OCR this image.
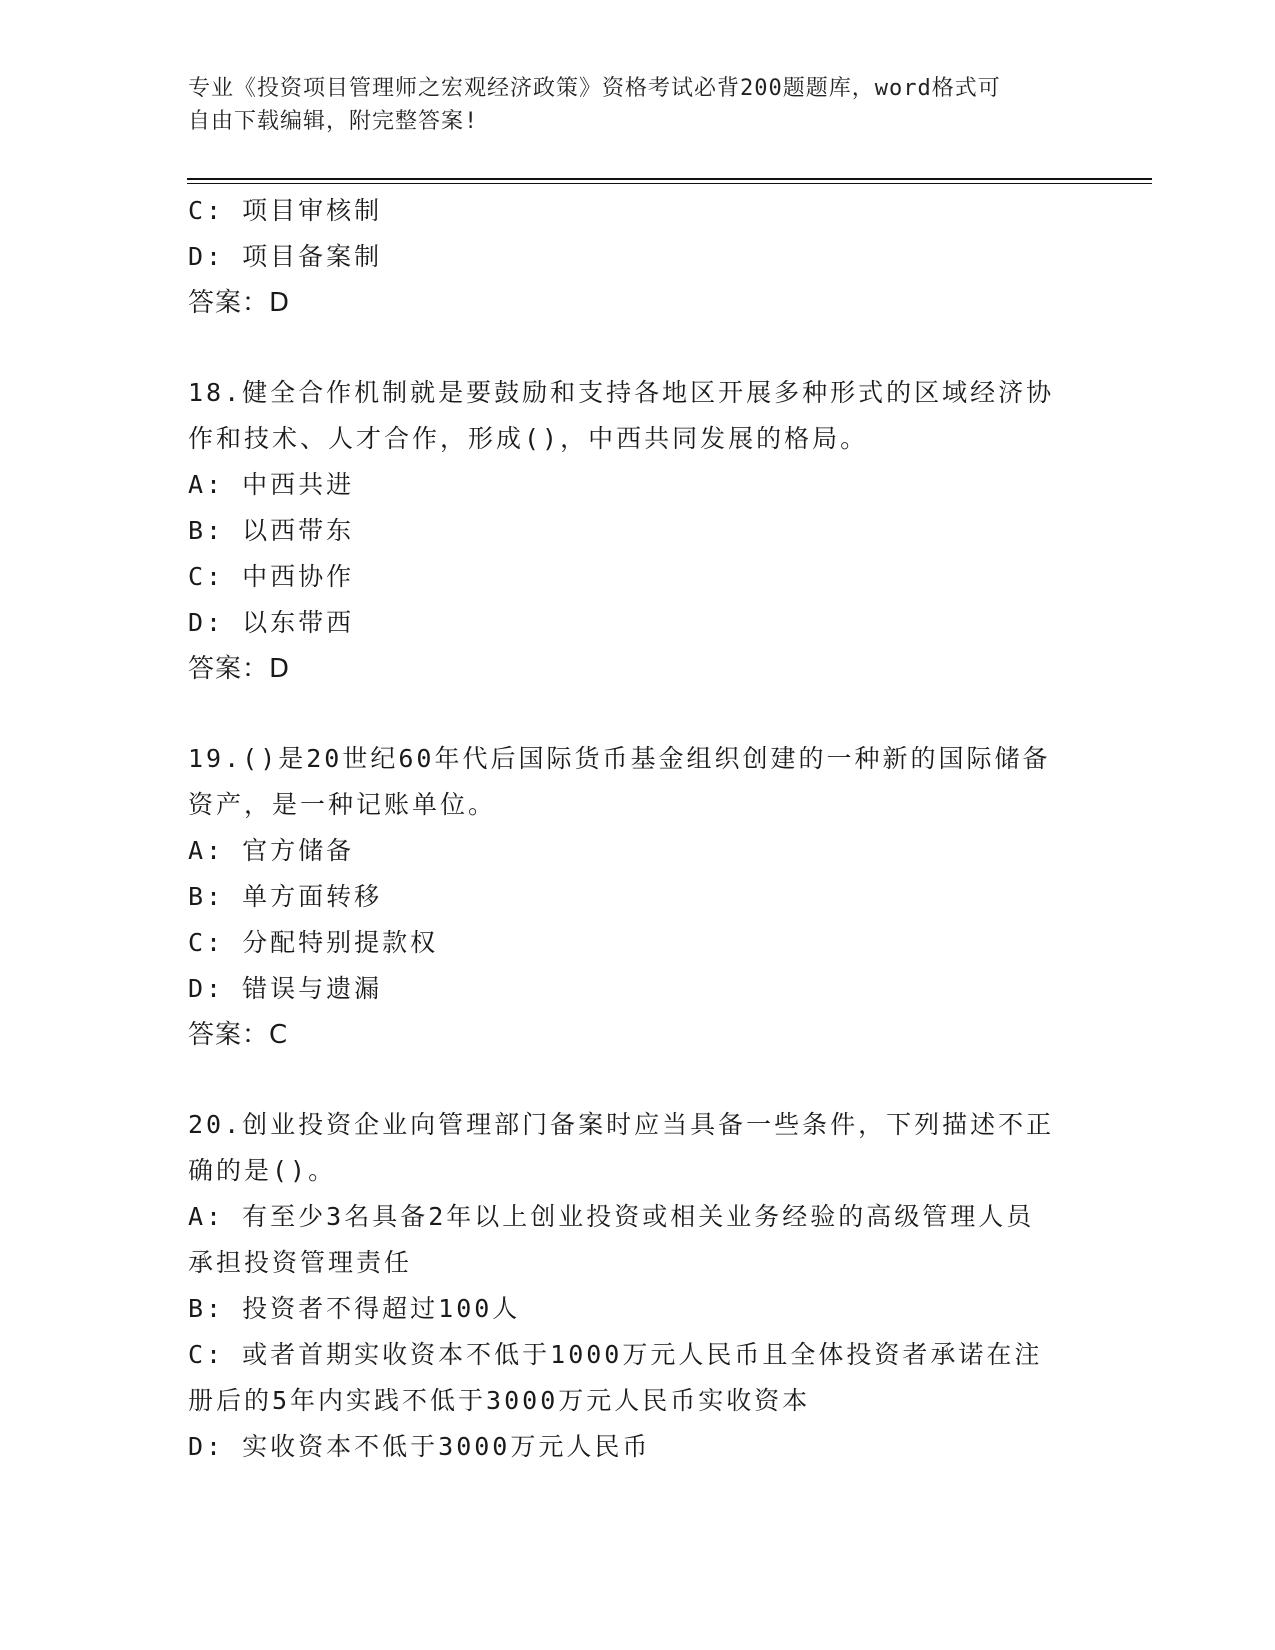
专业《投资项目管理师之宏观经济政策》资格考试必背200题题库，word格式可
自由下载编辑，附完整答案!
C: 项目审核制
D: 项目备案制
答案：D
18.健全合作机制就是要鼓励和支持各地区开展多种形式的区域经济协
作和技术、人才合作，形成()，中西共同发展的格局。
A: 中西共进
B: 以西带东
C: 中西协作
D: 以东带西
答案：D
19.()是20世纪60年代后国际货币基金组织创建的一种新的国际储备
资产，是一种记账单位。
A: 官方储备
B: 单方面转移
C: 分配特别提款权
D: 错误与遗漏
答案：C
20.创业投资企业向管理部门备案时应当具备一些条件，下列描述不正
确的是()。
A: 有至少3名具备2年以上创业投资或相关业务经验的高级管理人员
承担投资管理责任
B: 投资者不得超过100人
C: 或者首期实收资本不低于1000万元人民币且全体投资者承诺在注
册后的5年内实践不低于3000万元人民币实收资本
D: 实收资本不低于3000万元人民币
